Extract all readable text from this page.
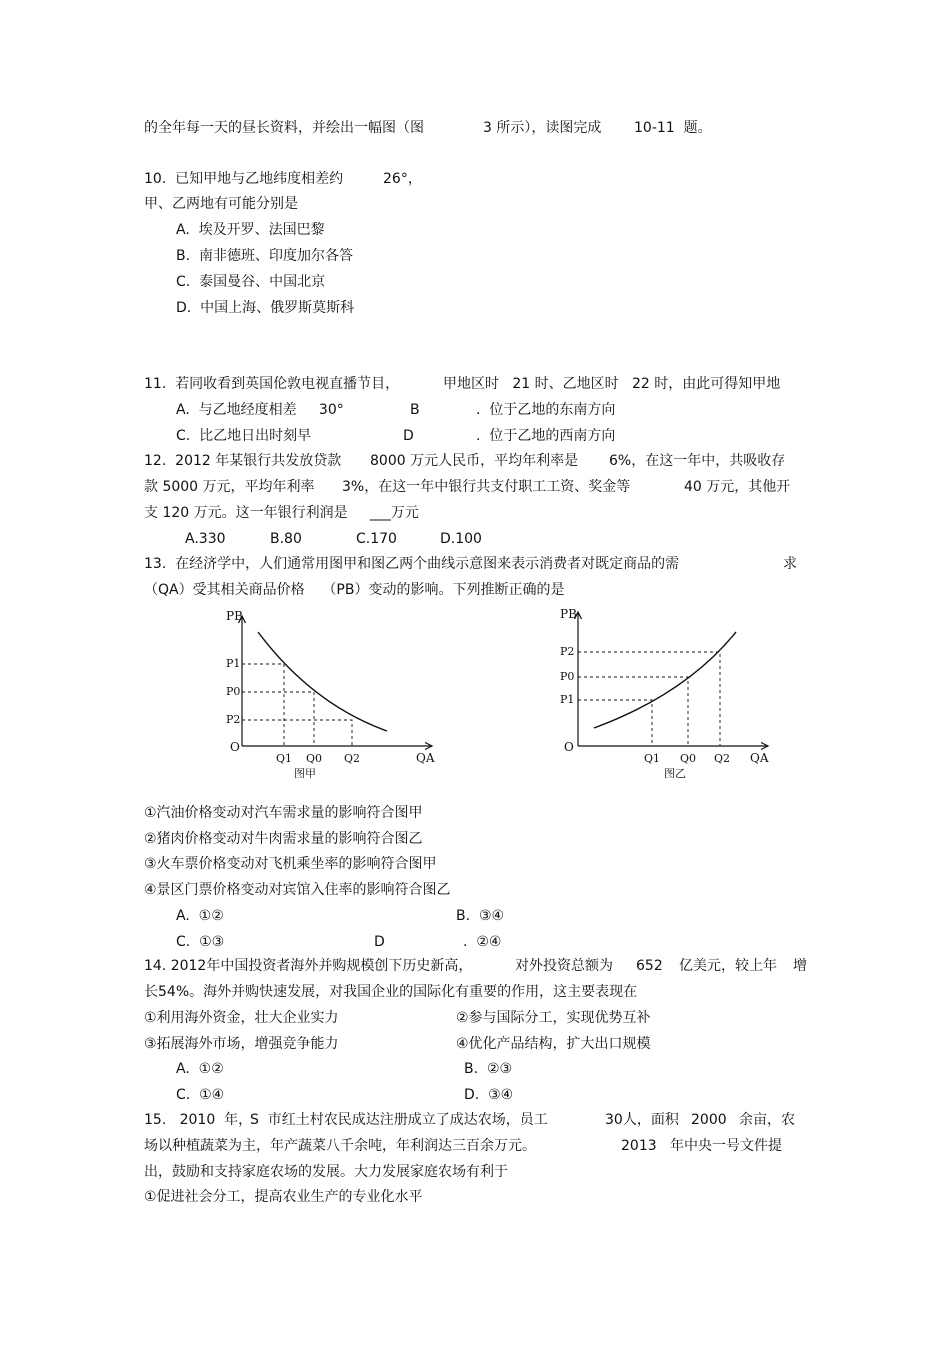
的全年每一天的昼长资料，并绘出一幅图（图	3 所示），读图完成 10-11  题。
10.  已知甲地与乙地纬度相差约	26°，
甲、乙两地有可能分别是
A.  埃及开罗、法国巴黎
B.  南非德班、印度加尔各答
C.  泰国曼谷、中国北京
D.  中国上海、俄罗斯莫斯科
11.  若同收看到英国伦敦电视直播节目，	甲地区时   21 时、乙地区时   22 时，由此可得知甲地
A.  与乙地经度相差     30°	B	.  位于乙地的东南方向
C.  比乙地日出时刻早	D	.  位于乙地的西南方向
12.  2012 年某银行共发放贷款 8000 万元人民币，平均年利率是 6%，在这一年中，共吸收存
款 5000 万元，平均年利率 3%，在这一年中银行共支付职工工资、奖金等	40 万元，其他开
支 120 万元。这一年银行利润是     ___万元
A.330	B.80	C.170	D.100
13.  在经济学中，人们通常用图甲和图乙两个曲线示意图来表示消费者对既定商品的需	求
（QA）受其相关商品价格    （PB）变动的影响。下列推断正确的是
PB
O
P1
P0
P2
Q1 Q0 Q2	QA
图甲
PB
O
P2
P0
P1
Q1 Q0 Q2 QA
图乙
①汽油价格变动对汽车需求量的影响符合图甲
②猪肉价格变动对牛肉需求量的影响符合图乙
③火车票价格变动对飞机乘坐率的影响符合图甲
④景区门票价格变动对宾馆入住率的影响符合图乙
A.  ①②	B.  ③④
C.  ①③	D	.  ②④
14. 2012年中国投资者海外并购规模创下历史新高，	对外投资总额为 652 亿美元，较上年 增
长54%。海外并购快速发展，对我国企业的国际化有重要的作用，这主要表现在
①利用海外资金，壮大企业实力	②参与国际分工，实现优势互补
③拓展海外市场，增强竞争能力	④优化产品结构，扩大出口规模
A.  ①②	B.  ②③
C.  ①④	D.  ③④
15.   2010  年，
S  市红土村农民成达注册成立了成达农场，员工	30人，面积 2000 余亩，农
场以种植蔬菜为主，年产蔬菜八千余吨，年利润达三百余万元。	2013   年中央一号文件提
出，鼓励和支持家庭农场的发展。大力发展家庭农场有利于
①促进社会分工，提高农业生产的专业化水平
